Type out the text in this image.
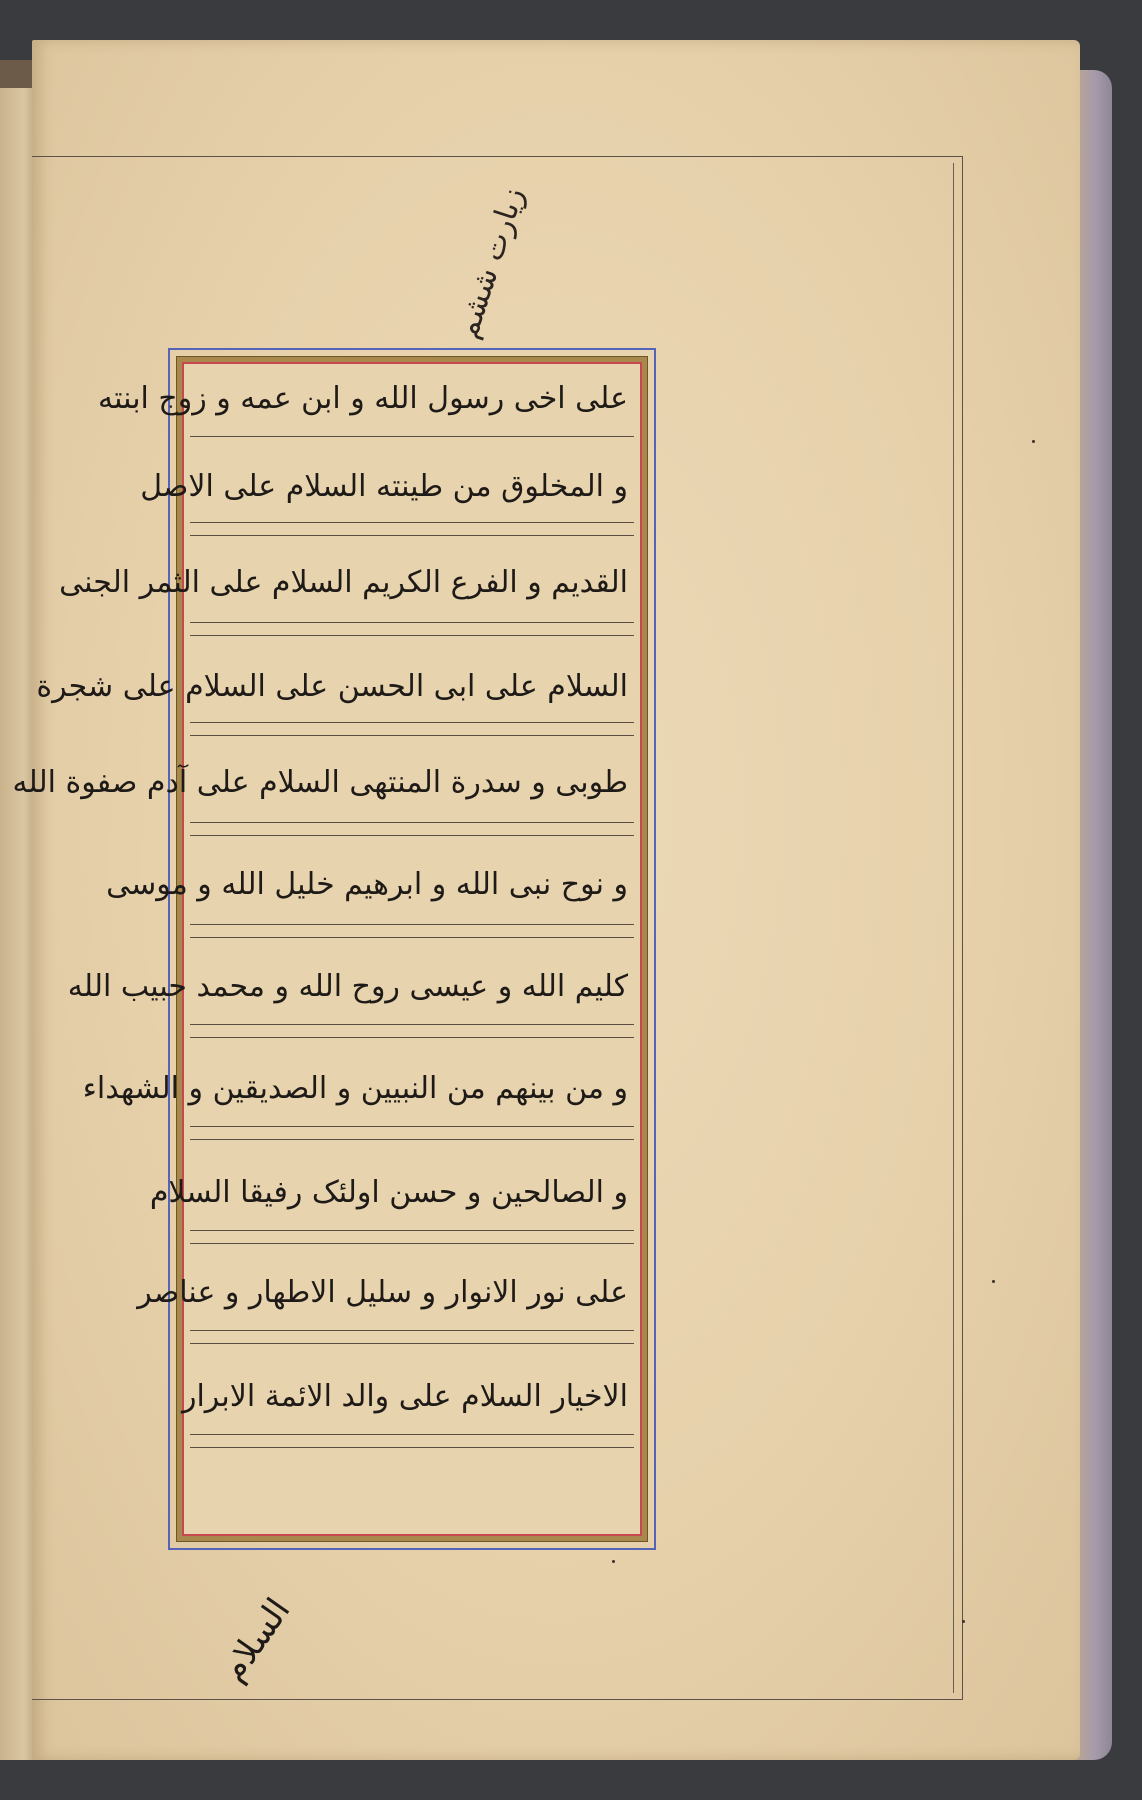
زیارت ششم
علی اخی رسول الله و ابن عمه و زوج ابنته
و المخلوق من طینته السلام علی الاصل
القدیم و الفرع الکریم السلام علی الثمر الجنی
السلام علی ابی الحسن علی السلام علی شجرة
طوبی و سدرة المنتهی السلام علی آدم صفوة الله
و نوح نبی الله و ابرهیم خلیل الله و موسی
کلیم الله و عیسی روح الله و محمد حبیب الله
و من بینهم من النبیین و الصدیقین و الشهداء
و الصالحین و حسن اولئک رفیقا السلام
علی نور الانوار و سلیل الاطهار و عناصر
الاخیار السلام علی والد الائمة الابرار
السلام
